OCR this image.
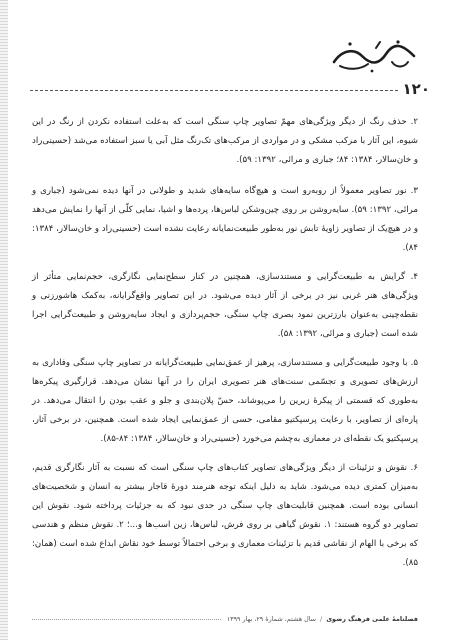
۱۲۰

۲. حذف رنگ از دیگر ویژگی‌های مهمّ تصاویر چاپ سنگی است که به‌علت استفاده نکردن از رنگ در این شیوه، این آثار با مرکب مشکی و در مواردی از مرکب‌های تک‌رنگ مثل آبی یا سبز استفاده می‌شد (حسینی‌راد و خان‌سالار، ۱۳۸۴: ۸۴؛ جباری و مرائی، ۱۳۹۲: ۵۹).

۳. نور تصاویر معمولاً از روبه‌رو است و هیچ‌گاه سایه‌های شدید و طولانی در آنها دیده نمی‌شود (جباری و مرائی، ۱۳۹۲: ۵۹). سایه‌روشن بر روی چین‌وشکن لباس‌ها، پرده‌ها و اشیا، نمایی کلّی از آنها را نمایش می‌دهد و در هیچ‌یک از تصاویر زاویهٔ تابش نور به‌طور طبیعت‌نمایانه رعایت نشده است (حسینی‌راد و خان‌سالار، ۱۳۸۴: ۸۴).

۴. گرایش به طبیعت‌گرایی و مستندسازی، همچنین در کنار سطح‌نمایی نگارگری، حجم‌نمایی متأثر از ویژگی‌های هنر غربی نیز در برخی از آثار دیده می‌شود. در این تصاویر واقع‌گرایانه، به‌کمک هاشورزنی و نقطه‌چینی به‌عنوان بارزترین نمود بصری چاپ سنگی، حجم‌پردازی و ایجاد سایه‌روشن و طبیعت‌گرایی اجرا شده است (جباری و مرائی، ۱۳۹۲: ۵۸).

۵. با وجود طبیعت‌گرایی و مستندسازی، پرهیز از عمق‌نمایی طبیعت‌گرایانه در تصاویر چاپ سنگی وفاداری به ارزش‌های تصویری و تجسّمی سنت‌های هنر تصویری ایران را در آنها نشان می‌دهد. قرارگیری پیکره‌ها به‌طوری که قسمتی از پیکرهٔ زیرین را می‌پوشاند، حسّ پلان‌بندی و جلو و عقب بودن را انتقال می‌دهد. در پاره‌ای از تصاویر، با رعایت پرسپکتیو مقامی، حسی از عمق‌نمایی ایجاد شده است. همچنین، در برخی آثار، پرسپکتیو یک نقطه‌ای در معماری به‌چشم می‌خورد (حسینی‌راد و خان‌سالار، ۱۳۸۴: ۸۴-۸۵).

۶. نقوش و تزئینات از دیگر ویژگی‌های تصاویر کتاب‌های چاپ سنگی است که نسبت به آثار نگارگری قدیم، به‌میزان کمتری دیده می‌شود. شاید به دلیل اینکه توجه هنرمند دورهٔ قاجار بیشتر به انسان و شخصیت‌های انسانی بوده است. همچنین قابلیت‌های چاپ سنگی در حدی نبود که به جزئیات پرداخته شود. نقوش این تصاویر دو گروه هستند: ۱. نقوش گیاهی بر روی فرش، لباس‌ها، زین اسب‌ها و...؛ ۲. نقوش منظم و هندسی که برخی با الهام از نقاشی قدیم با تزئینات معماری و برخی احتمالاً توسط خود نقاش ابداع شده است (همان: ۸۵).

فصلنامهٔ علمی فرهنگ رضوی
/
سال هشتم، شمارهٔ ۲۹، بهار ۱۳۹۹
